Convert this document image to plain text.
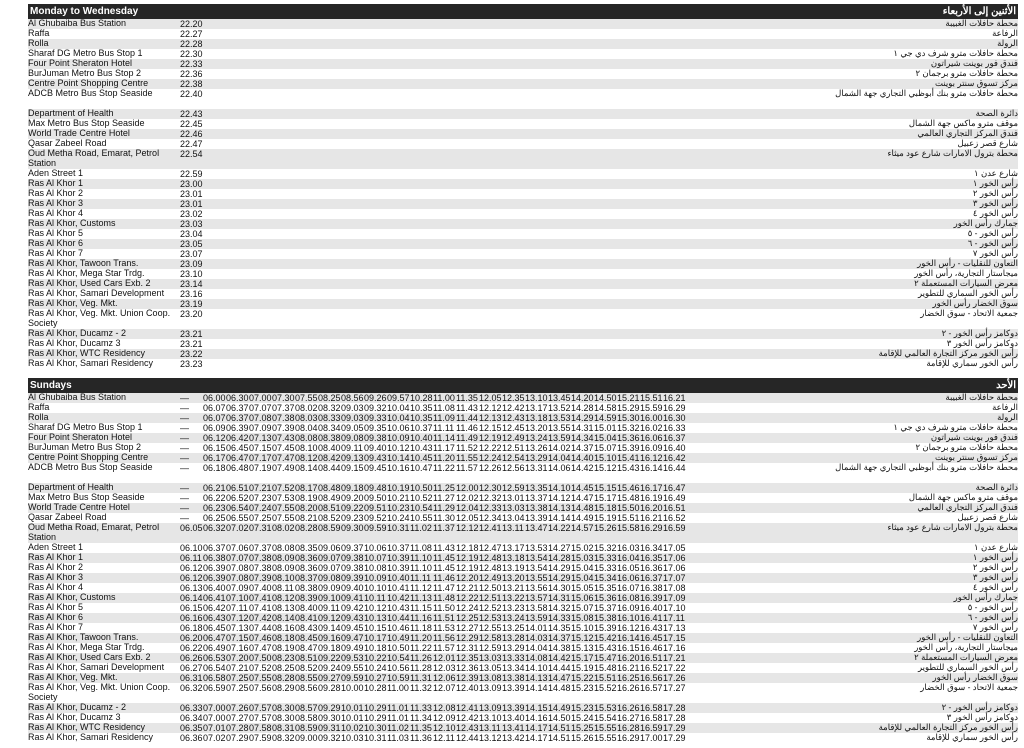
Monday to Wednesday	الأثنين إلى الأربعاء
Al Ghubaiba Bus Station	22.20																						محطة حافلات الغبيبة
Raffa	22.27																						الرفاعة
Rolla	22.28																						الرولة
Sharaf DG Metro Bus Stop 1	22.30																						محطة حافلات مترو شرف دي جي ١
Four Point Sheraton Hotel	22.33																						فندق فور بوينت شيراتون
BurJuman Metro Bus Stop 2	22.36																						محطة حافلات مترو برجمان ٢
Centre Point Shopping Centre	22.38																						مركز تسوق سنتر بوينت
ADCB Metro Bus Stop Seaside	22.40																						محطة حافلات مترو بنك أبوظبي التجاري جهة الشمال
Department of Health	22.43																						دائرة الصحة
Max Metro Bus Stop Seaside	22.45																						موقف مترو ماكس جهة الشمال
World Trade Centre Hotel	22.46																						فندق المركز التجاري العالمي
Qasar Zabeel Road	22.47																						شارع قصر زعبيل
Oud Metha Road, Emarat, Petrol Station	22.54																						محطة بترول الامارات شارع عود ميثاء
Aden Street 1	22.59																						شارع عدن ١
Ras Al Khor 1	23.00																						رأس الخور ١
Ras Al Khor 2	23.01																						رأس الخور ٢
Ras Al Khor 3	23.01																						رأس الخور ٣
Ras Al Khor 4	23.02																						رأس الخور ٤
Ras Al Khor, Customs	23.03																						جمارك رأس الخور
Ras Al Khor 5	23.04																						رأس الخور - ٥
Ras Al Khor 6	23.05																						رأس الخور - ٦
Ras Al Khor 7	23.07																						رأس الخور ٧
Ras Al Khor, Tawoon Trans.	23.09																						التعاون للنقليات - رأس الخور
Ras Al Khor, Mega Star Trdg.	23.10																						ميجاستار التجارية، رأس الخور
Ras Al Khor, Used Cars Exb. 2	23.14																						معرض السيارات المستعملة ٢
Ras Al Khor, Samari Development	23.16																						رأس الخور السماري للتطوير
Ras Al Khor, Veg. Mkt.	23.19																						سوق الخضار رأس الخور
Ras Al Khor, Veg. Mkt. Union Coop. Society	23.20																						جمعية الاتحاد - سوق الخضار
Ras Al Khor, Ducamz - 2	23.21																						دوكامز رأس الخور - ٢
Ras Al Khor, Ducamz 3	23.21																						دوكامز رأس الخور ٣
Ras Al Khor, WTC Residency	23.22																						رأس الخور مركز التجارة العالمي للإقامة
Ras Al Khor, Samari Residency	23.23																						رأس الخور سماري للإقامة
Sundays	الأحد
Al Ghubaiba Bus Station	—	06.00	06.30	07.00	07.30	07.55	08.25	08.56	09.26	09.57	10.28	11.00	11.35	12.05	12.35	13.10	13.45	14.20	14.50	15.21	15.51	16.21	محطة حافلات الغبيبة
Raffa	—	06.07	06.37	07.07	07.37	08.02	08.32	09.03	09.32	10.04	10.35	11.08	11.43	12.12	12.42	13.17	13.52	14.28	14.58	15.29	15.59	16.29	الرفاعة
Rolla	—	06.07	06.37	07.08	07.38	08.03	08.33	09.03	09.33	10.04	10.35	11.09	11.44	12.13	12.43	13.18	13.53	14.29	14.59	15.30	16.00	16.30	الرولة
Sharaf DG Metro Bus Stop 1	—	06.09	06.39	07.09	07.39	08.04	08.34	09.05	09.35	10.06	10.37	11.11	11.46	12.15	12.45	13.20	13.55	14.31	15.01	15.32	16.02	16.33	محطة حافلات مترو شرف دي جي ١
Four Point Sheraton Hotel	—	06.12	06.42	07.13	07.43	08.08	08.38	09.08	09.38	10.09	10.40	11.14	11.49	12.19	12.49	13.24	13.59	14.34	15.04	15.36	16.06	16.37	فندق فور بوينت شيراتون
BurJuman Metro Bus Stop 2	—	06.15	06.45	07.15	07.45	08.10	08.40	09.11	09.40	10.12	10.43	11.17	11.52	12.22	12.51	13.26	14.02	14.37	15.07	15.39	16.09	16.40	محطة حافلات مترو برجمان ٢
Centre Point Shopping Centre	—	06.17	06.47	07.17	07.47	08.12	08.42	09.13	09.43	10.14	10.45	11.20	11.55	12.24	12.54	13.29	14.04	14.40	15.10	15.41	16.12	16.42	مركز تسوق سنتر بوينت
ADCB Metro Bus Stop Seaside	—	06.18	06.48	07.19	07.49	08.14	08.44	09.15	09.45	10.16	10.47	11.22	11.57	12.26	12.56	13.31	14.06	14.42	15.12	15.43	16.14	16.44	محطة حافلات مترو بنك أبوظبي التجاري جهة الشمال
Department of Health	—	06.21	06.51	07.21	07.52	08.17	08.48	09.18	09.48	10.19	10.50	11.25	12.00	12.30	12.59	13.35	14.10	14.45	15.15	15.46	16.17	16.47	دائرة الصحة
Max Metro Bus Stop Seaside	—	06.22	06.52	07.23	07.53	08.19	08.49	09.20	09.50	10.21	10.52	11.27	12.02	12.32	13.01	13.37	14.12	14.47	15.17	15.48	16.19	16.49	موقف مترو ماكس جهة الشمال
World Trade Centre Hotel	—	06.23	06.54	07.24	07.55	08.20	08.51	09.22	09.51	10.23	10.54	11.29	12.04	12.33	13.03	13.38	14.13	14.48	15.18	15.50	16.20	16.51	فندق المركز التجاري العالمي
Qasar Zabeel Road	—	06.25	06.55	07.25	07.55	08.21	08.52	09.23	09.52	10.24	10.55	11.30	12.05	12.34	13.04	13.39	14.14	14.49	15.19	15.51	16.21	16.52	شارع قصر زعبيل
Oud Metha Road, Emarat, Petrol Station	06.05	06.32	07.02	07.31	08.02	08.28	08.59	09.30	09.59	10.31	11.02	11.37	12.12	12.41	13.11	13.47	14.22	14.57	15.26	15.58	16.29	16.59	محطة بترول الامارات شارع عود ميثاء
Aden Street 1	06.10	06.37	07.06	07.37	08.08	08.35	09.06	09.37	10.06	10.37	11.08	11.43	12.18	12.47	13.17	13.53	14.27	15.02	15.32	16.03	16.34	17.05	شارع عدن ١
Ras Al Khor 1	06.11	06.38	07.07	07.38	08.09	08.36	09.07	09.38	10.07	10.39	11.10	11.45	12.19	12.48	13.18	13.54	14.28	15.03	15.33	16.04	16.35	17.06	رأس الخور ١
Ras Al Khor 2	06.12	06.39	07.08	07.38	08.09	08.36	09.07	09.38	10.08	10.39	11.10	11.45	12.19	12.48	13.19	13.54	14.29	15.04	15.33	16.05	16.36	17.06	رأس الخور ٢
Ras Al Khor 3	06.12	06.39	07.08	07.39	08.10	08.37	09.08	09.39	10.09	10.40	11.11	11.46	12.20	12.49	13.20	13.55	14.29	15.04	15.34	16.06	16.37	17.07	رأس الخور ٣
Ras Al Khor 4	06.13	06.40	07.09	07.40	08.11	08.38	09.09	09.40	10.10	10.41	11.12	11.47	12.21	12.50	13.21	13.56	14.30	15.05	15.35	16.07	16.38	17.08	رأس الخور ٤
Ras Al Khor, Customs	06.14	06.41	07.10	07.41	08.12	08.39	09.10	09.41	10.11	10.42	11.13	11.48	12.22	12.51	13.22	13.57	14.31	15.06	15.36	16.08	16.39	17.09	جمارك رأس الخور
Ras Al Khor 5	06.15	06.42	07.11	07.41	08.13	08.40	09.11	09.42	10.12	10.43	11.15	11.50	12.24	12.52	13.23	13.58	14.32	15.07	15.37	16.09	16.40	17.10	رأس الخور - ٥
Ras Al Khor 6	06.16	06.43	07.12	07.42	08.14	08.41	09.12	09.43	10.13	10.44	11.16	11.51	12.25	12.53	13.24	13.59	14.33	15.08	15.38	16.10	16.41	17.11	رأس الخور - ٦
Ras Al Khor 7	06.18	06.45	07.13	07.44	08.16	08.43	09.14	09.45	10.15	10.46	11.18	11.53	12.27	12.55	13.25	14.01	14.35	15.10	15.39	16.12	16.43	17.13	رأس الخور ٧
Ras Al Khor, Tawoon Trans.	06.20	06.47	07.15	07.46	08.18	08.45	09.16	09.47	10.17	10.49	11.20	11.56	12.29	12.58	13.28	14.03	14.37	15.12	15.42	16.14	16.45	17.15	التعاون للنقليات - رأس الخور
Ras Al Khor, Mega Star Trdg.	06.22	06.49	07.16	07.47	08.19	08.47	09.18	09.49	10.18	10.50	11.22	11.57	12.31	12.59	13.29	14.04	14.38	15.13	15.43	16.15	16.46	17.16	ميجاستار التجارية، رأس الخور
Ras Al Khor, Used Cars Exb. 2	06.26	06.53	07.20	07.50	08.23	08.51	09.22	09.53	10.22	10.54	11.26	12.01	12.35	13.03	13.33	14.08	14.42	15.17	15.47	16.20	16.51	17.21	معرض السيارات المستعملة ٢
Ras Al Khor, Samari Development	06.27	06.54	07.21	07.52	08.25	08.52	09.24	09.55	10.24	10.56	11.28	12.03	12.36	13.05	13.34	14.10	14.44	15.19	15.48	16.21	16.52	17.22	رأس الخور السماري للتطوير
Ras Al Khor, Veg. Mkt.	06.31	06.58	07.25	07.55	08.28	08.55	09.27	09.59	10.27	10.59	11.31	12.06	12.39	13.08	13.38	14.13	14.47	15.22	15.51	16.25	16.56	17.26	سوق الخضار رأس الخور
Ras Al Khor, Veg. Mkt. Union Coop. Society	06.32	06.59	07.25	07.56	08.29	08.56	09.28	10.00	10.28	11.00	11.32	12.07	12.40	13.09	13.39	14.14	14.48	15.23	15.52	16.26	16.57	17.27	جمعية الاتحاد - سوق الخضار
Ras Al Khor, Ducamz - 2	06.33	07.00	07.26	07.57	08.30	08.57	09.29	10.01	10.29	11.01	11.33	12.08	12.41	13.09	13.39	14.15	14.49	15.23	15.53	16.26	16.58	17.28	دوكامز رأس الخور - ٢
Ras Al Khor, Ducamz 3	06.34	07.00	07.27	07.57	08.30	08.58	09.30	10.01	10.29	11.01	11.34	12.09	12.42	13.10	13.40	14.16	14.50	15.24	15.54	16.27	16.58	17.28	دوكامز رأس الخور ٣
Ras Al Khor, WTC Residency	06.35	07.01	07.28	07.58	08.31	08.59	09.31	10.02	10.30	11.02	11.35	12.10	12.43	13.11	13.41	14.17	14.51	15.25	15.55	16.28	16.59	17.29	رأس الخور مركز التجارة العالمي للإقامة
Ras Al Khor, Samari Residency	06.36	07.02	07.29	07.59	08.32	09.00	09.32	10.03	10.31	11.03	11.36	12.11	12.44	13.12	13.42	14.17	14.51	15.26	15.55	16.29	17.00	17.29	رأس الخور سماري للإقامة
